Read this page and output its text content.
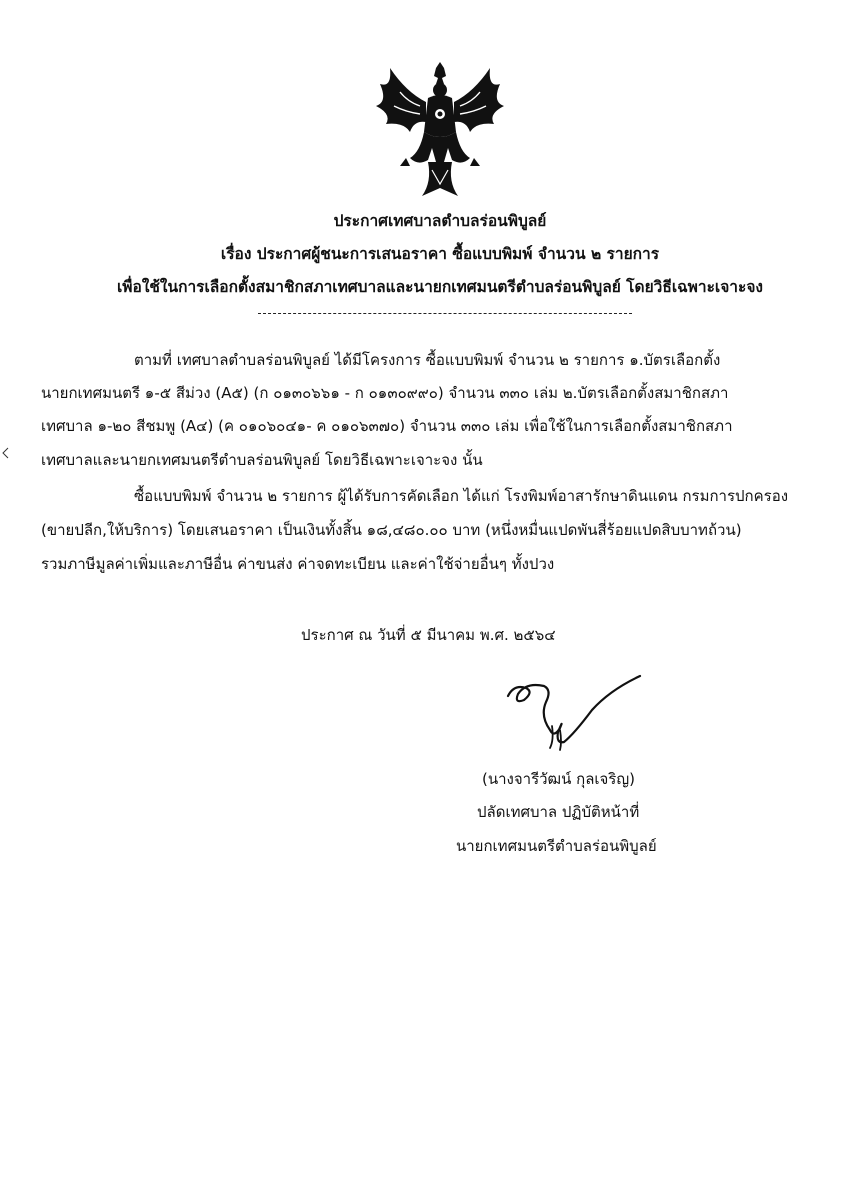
ประกาศเทศบาลตำบลร่อนพิบูลย์
เรื่อง ประกาศผู้ชนะการเสนอราคา ซื้อแบบพิมพ์ จำนวน ๒ รายการ
เพื่อใช้ในการเลือกตั้งสมาชิกสภาเทศบาลและนายกเทศมนตรีตำบลร่อนพิบูลย์ โดยวิธีเฉพาะเจาะจง
ตามที่ เทศบาลตำบลร่อนพิบูลย์ ได้มีโครงการ ซื้อแบบพิมพ์ จำนวน ๒ รายการ ๑.บัตรเลือกตั้ง
นายกเทศมนตรี ๑-๕ สีม่วง (A๕) (ก ๐๑๓๐๖๖๑ - ก ๐๑๓๐๙๙๐) จำนวน ๓๓๐ เล่ม ๒.บัตรเลือกตั้งสมาชิกสภา
เทศบาล ๑-๒๐ สีชมพู (A๔) (ค ๐๑๐๖๐๔๑- ค ๐๑๐๖๓๗๐) จำนวน ๓๓๐ เล่ม เพื่อใช้ในการเลือกตั้งสมาชิกสภา
เทศบาลและนายกเทศมนตรีตำบลร่อนพิบูลย์ โดยวิธีเฉพาะเจาะจง นั้น
ซื้อแบบพิมพ์ จำนวน ๒ รายการ ผู้ได้รับการคัดเลือก ได้แก่ โรงพิมพ์อาสารักษาดินแดน กรมการปกครอง
(ขายปลีก,ให้บริการ) โดยเสนอราคา เป็นเงินทั้งสิ้น ๑๘,๔๘๐.๐๐ บาท (หนึ่งหมื่นแปดพันสี่ร้อยแปดสิบบาทถ้วน)
รวมภาษีมูลค่าเพิ่มและภาษีอื่น ค่าขนส่ง ค่าจดทะเบียน และค่าใช้จ่ายอื่นๆ ทั้งปวง
ประกาศ ณ วันที่ ๕ มีนาคม พ.ศ. ๒๕๖๔
(นางจารีวัฒน์ กุลเจริญ)
ปลัดเทศบาล ปฏิบัติหน้าที่
นายกเทศมนตรีตำบลร่อนพิบูลย์
